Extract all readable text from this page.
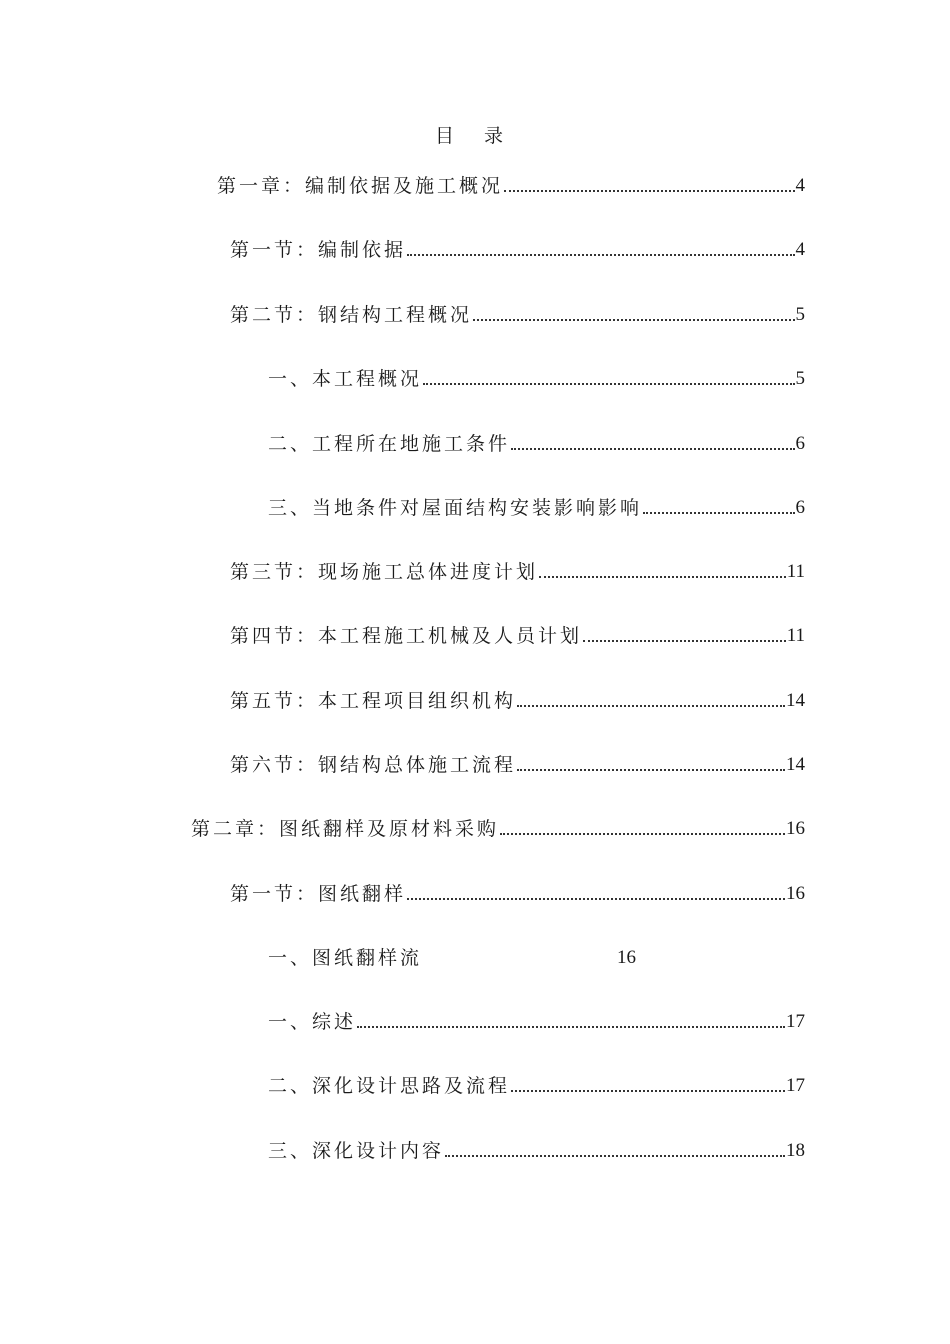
目 录
第一章：编制依据及施工概况	4
第一节：编制依据	4
第二节：钢结构工程概况	5
一、本工程概况	5
二、工程所在地施工条件	6
三、当地条件对屋面结构安装影响影响	6
第三节：现场施工总体进度计划	11
第四节：本工程施工机械及人员计划	11
第五节：本工程项目组织机构	14
第六节：钢结构总体施工流程	14
第二章：图纸翻样及原材料采购	16
第一节：图纸翻样	16
一、图纸翻样流	16
一、综述	17
二、深化设计思路及流程	17
三、深化设计内容	18
